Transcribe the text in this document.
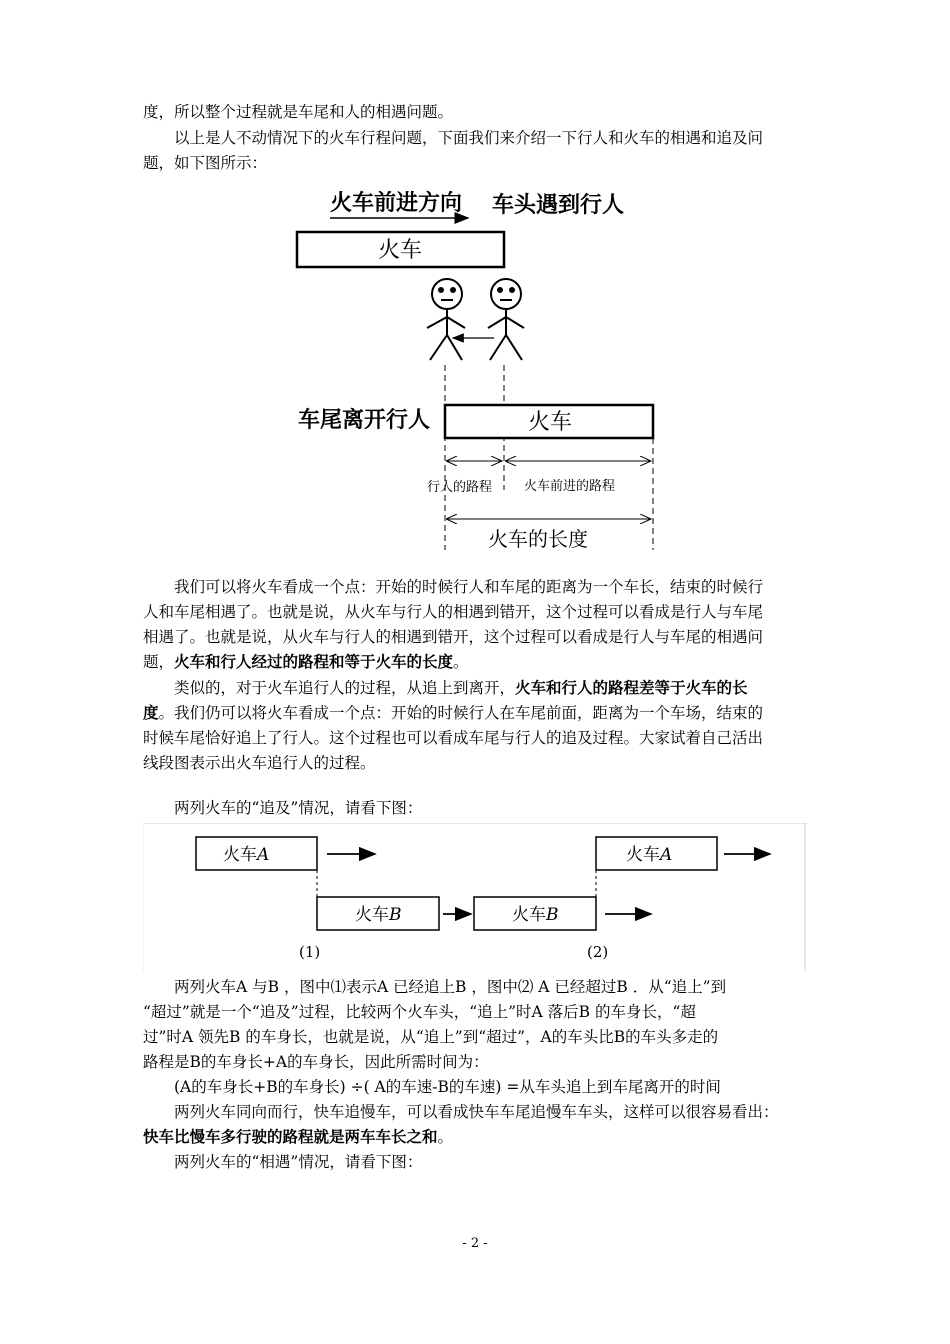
度，所以整个过程就是车尾和人的相遇问题。

以上是人不动情况下的火车行程问题，下面我们来介绍一下行人和火车的相遇和追及问

题，如下图所示：

火车前进方向 车头遇到行人
火车
车尾离开行人	火车
行人的路程 火车前进的路程
火车的长度

我们可以将火车看成一个点：开始的时候行人和车尾的距离为一个车长，结束的时候行

人和车尾相遇了。也就是说，从火车与行人的相遇到错开，这个过程可以看成是行人与车尾

相遇了。也就是说，从火车与行人的相遇到错开，这个过程可以看成是行人与车尾的相遇问

题，火车和行人经过的路程和等于火车的长度。

类似的，对于火车追行人的过程，从追上到离开，火车和行人的路程差等于火车的长

度。我们仍可以将火车看成一个点：开始的时候行人在车尾前面，距离为一个车场，结束的

时候车尾恰好追上了行人。这个过程也可以看成车尾与行人的追及过程。大家试着自己活出

线段图表示出火车追行人的过程。

两列火车的“追及”情况，请看下图：

火车A
火车B	火车B
火车A
(1)	(2)

两列火车A 与B ，图中⑴表示A 已经追上B ，图中⑵ A 已经超过B ．从“追上”到

“超过”就是一个“追及”过程，比较两个火车头，“追上”时A 落后B 的车身长，“超

过”时A 领先B 的车身长，也就是说，从“追上”到“超过”，A的车头比B的车头多走的

路程是B的车身长+A的车身长，因此所需时间为：

(A的车身长+B的车身长) ÷( A的车速-B的车速) =从车头追上到车尾离开的时间

两列火车同向而行，快车追慢车，可以看成快车车尾追慢车车头，这样可以很容易看出：

快车比慢车多行驶的路程就是两车车长之和。

两列火车的“相遇”情况，请看下图：

- 2 -
